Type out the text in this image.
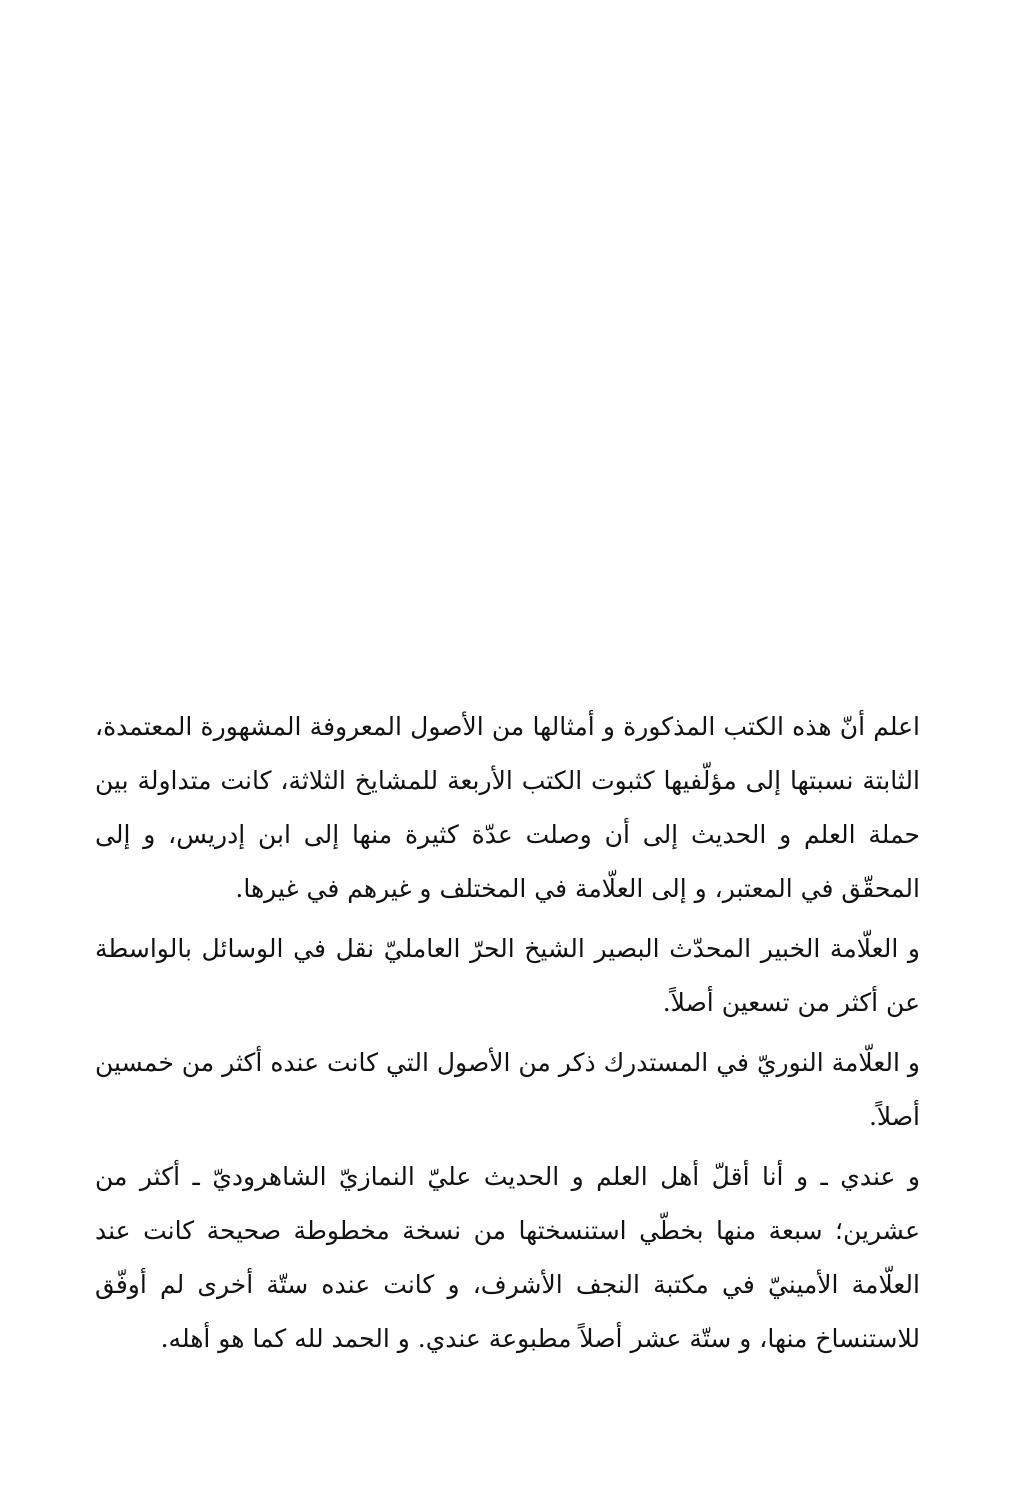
اعلم أنّ هذه الكتب المذكورة و أمثالها من الأصول المعروفة المشهورة المعتمدة، الثابتة نسبتها إلى مؤلّفيها كثبوت الكتب الأربعة للمشايخ الثلاثة، كانت متداولة بين حملة العلم و الحديث إلى أن وصلت عدّة كثيرة منها إلى ابن إدريس، و إلى المحقّق في المعتبر، و إلى العلّامة في المختلف و غيرهم في غيرها.

و العلّامة الخبير المحدّث البصير الشيخ الحرّ العامليّ نقل في الوسائل بالواسطة عن أكثر من تسعين أصلاً.

و العلّامة النوريّ في المستدرك ذكر من الأصول التي كانت عنده أكثر من خمسين أصلاً.

و عندي ـ و أنا أقلّ أهل العلم و الحديث عليّ النمازيّ الشاهروديّ ـ أكثر من عشرين؛ سبعة منها بخطّي استنسختها من نسخة مخطوطة صحيحة كانت عند العلّامة الأمينيّ في مكتبة النجف الأشرف، و كانت عنده ستّة أخرى لم أوفّق للاستنساخ منها، و ستّة عشر أصلاً مطبوعة عندي. و الحمد لله كما هو أهله.
